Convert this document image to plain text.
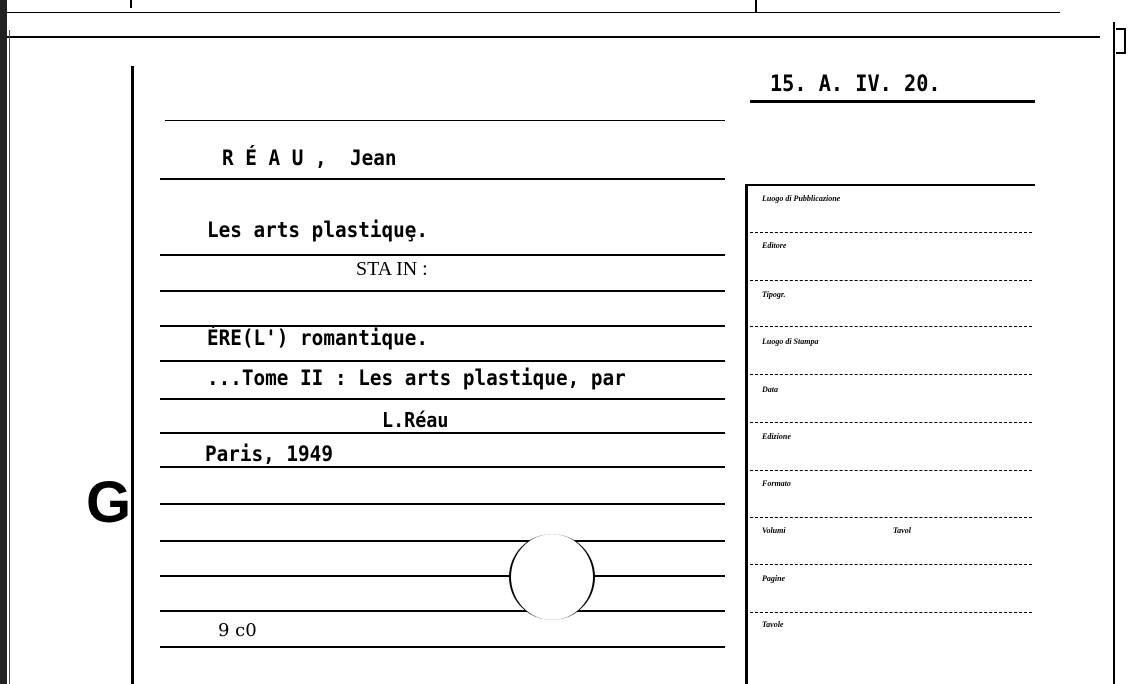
G
15. A. IV. 20.
R É A U ,  Jean
Les arts plastiquȩ.
STA IN :
ÈRE(L') romantique.
...Tome II : Les arts plastique, par
L.Réau
Paris, 1949
9 c0
Luogo di Pubblicazione
Editore
Tipogr.
Luogo di Stampa
Data
Edizione
Formato
Volumi	Tavol
Pagine
Tavole
